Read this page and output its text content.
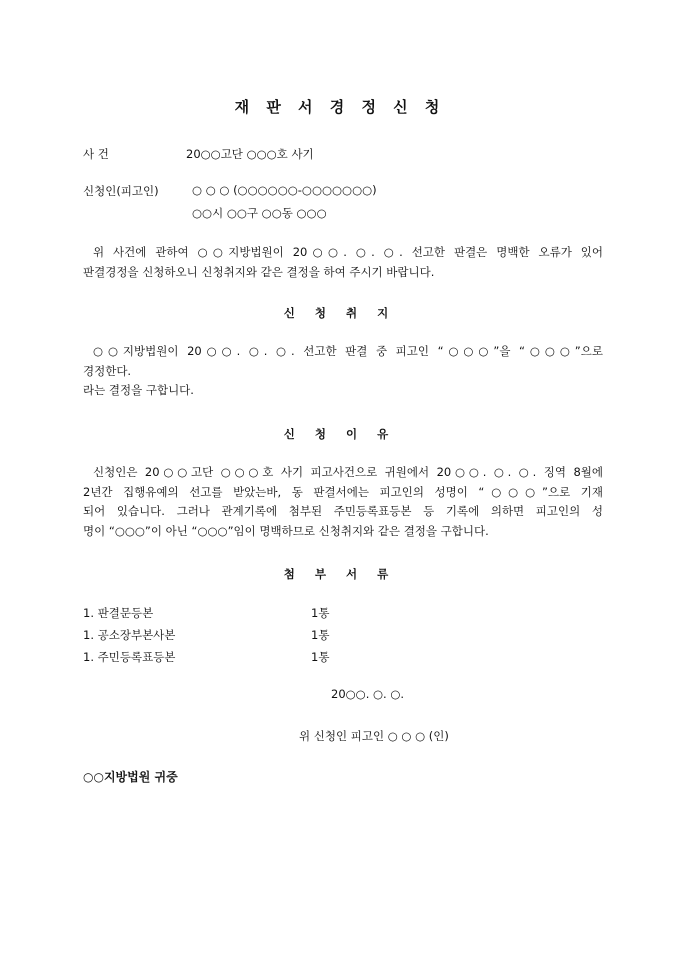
재 판 서 경 정 신 청
사 건	20○○고단 ○○○호 사기
신청인(피고인)	○ ○ ○ (○○○○○○-○○○○○○○)
○○시 ○○구 ○○동 ○○○
위 사건에 관하여 ○○지방법원이 20○○. ○. ○. 선고한 판결은 명백한 오류가 있어
판결경정을 신청하오니 신청취지와 같은 결정을 하여 주시기 바랍니다.
신 청 취 지
○○지방법원이 20○○. ○. ○. 선고한 판결 중 피고인 “○○○”을 “○○○”으로
경정한다.
라는 결정을 구합니다.
신 청 이 유
신청인은 20○○고단 ○○○호 사기 피고사건으로 귀원에서 20○○. ○. ○. 징역 8월에
2년간 집행유예의 선고를 받았는바, 동 판결서에는 피고인의 성명이 “○○○”으로 기재
되어 있습니다. 그러나 관계기록에 첨부된 주민등록표등본 등 기록에 의하면 피고인의 성
명이 “○○○”이 아닌 “○○○”임이 명백하므로 신청취지와 같은 결정을 구합니다.
첨 부 서 류
1. 판결문등본	1통
1. 공소장부본사본	1통
1. 주민등록표등본	1통
20○○. ○. ○.
위 신청인 피고인 ○ ○ ○ (인)
○○지방법원 귀중
